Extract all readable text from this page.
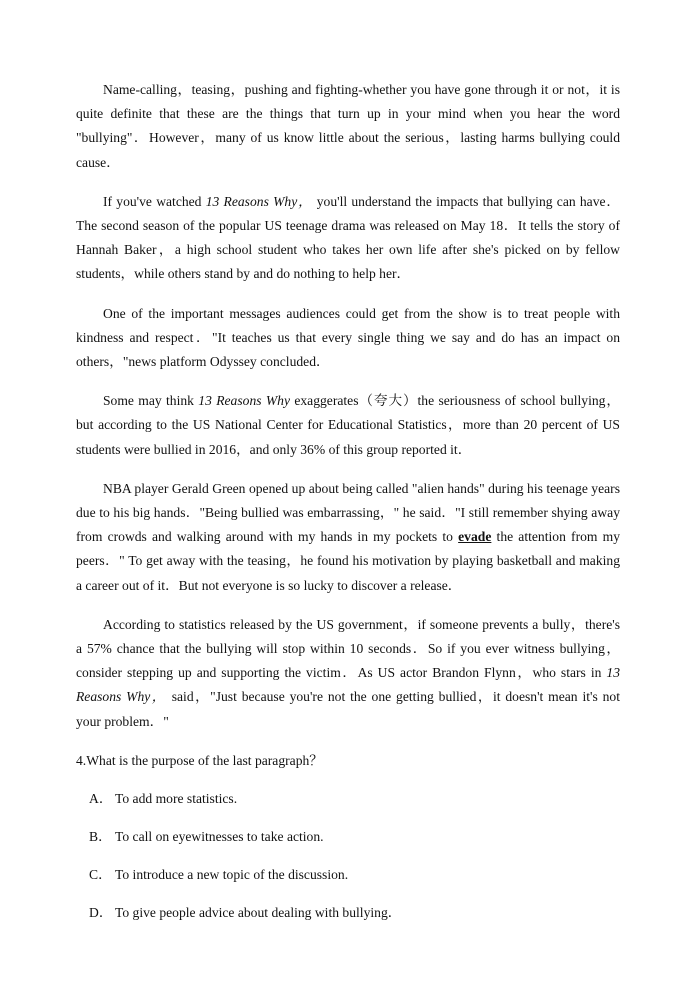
Name-calling，teasing，pushing and fighting-whether you have gone through it or not，it is quite definite that these are the things that turn up in your mind when you hear the word "bullying"．However，many of us know little about the serious，lasting harms bullying could cause．

If you've watched 13 Reasons Why， you'll understand the impacts that bullying can have．The second season of the popular US teenage drama was released on May 18．It tells the story of Hannah Baker，a high school student who takes her own life after she's picked on by fellow students，while others stand by and do nothing to help her．

One of the important messages audiences could get from the show is to treat people with kindness and respect．"It teaches us that every single thing we say and do has an impact on others，"news platform Odyssey concluded．

Some may think 13 Reasons Why exaggerates（夸大）the seriousness of school bullying，but according to the US National Center for Educational Statistics，more than 20 percent of US students were bullied in 2016，and only 36% of this group reported it．

NBA player Gerald Green opened up about being called "alien hands" during his teenage years due to his big hands．"Being bullied was embarrassing，" he said．"I still remember shying away from crowds and walking around with my hands in my pockets to evade the attention from my peers．" To get away with the teasing，he found his motivation by playing basketball and making a career out of it．But not everyone is so lucky to discover a release．

According to statistics released by the US government，if someone prevents a bully，there's a 57% chance that the bullying will stop within 10 seconds．So if you ever witness bullying，consider stepping up and supporting the victim．As US actor Brandon Flynn，who stars in 13 Reasons Why， said，"Just because you're not the one getting bullied，it doesn't mean it's not your problem．"

4.What is the purpose of the last paragraph？
A． To add more statistics.
B． To call on eyewitnesses to take action.
C． To introduce a new topic of the discussion.
D． To give people advice about dealing with bullying．
